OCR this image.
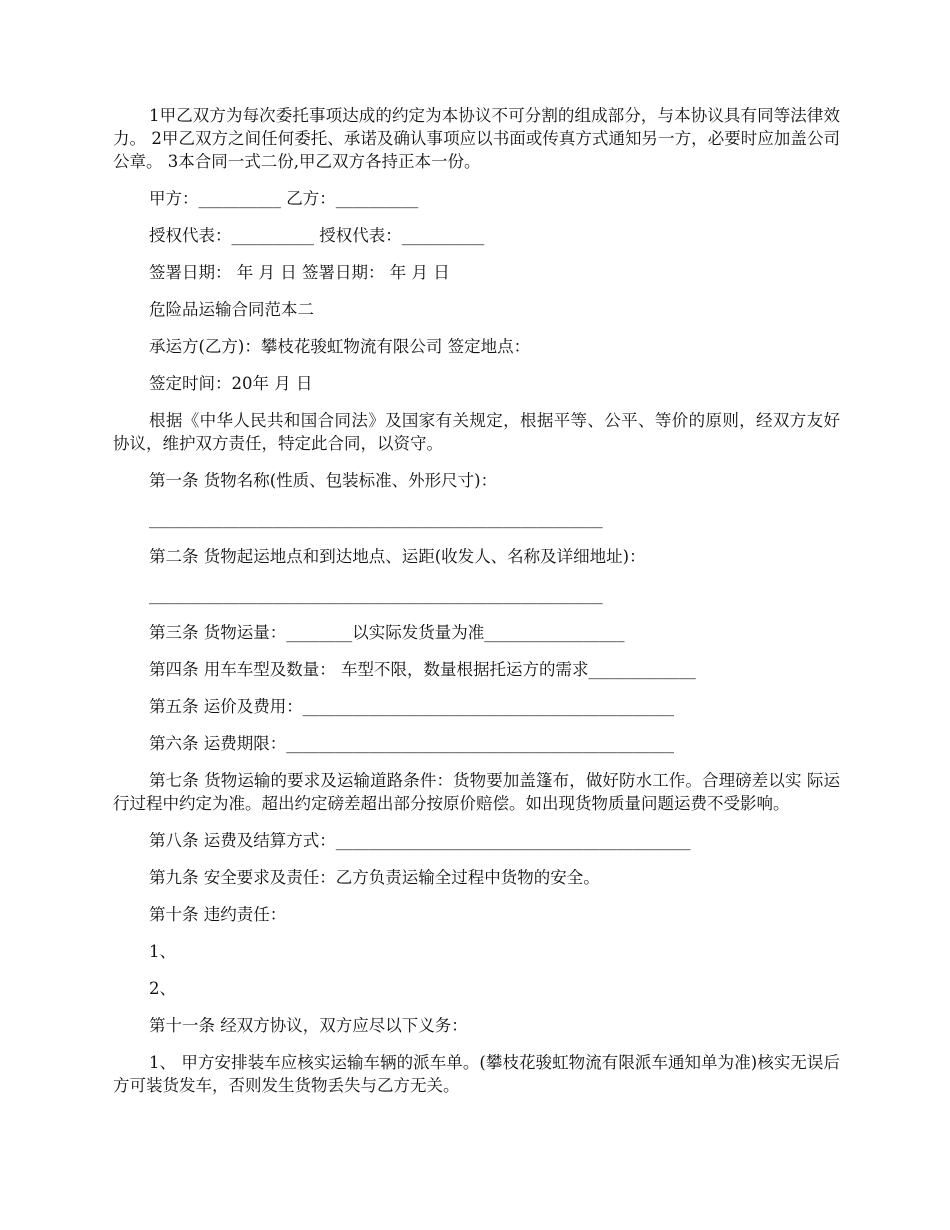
1甲乙双方为每次委托事项达成的约定为本协议不可分割的组成部分，与本协议具有同等法律效力。 2甲乙双方之间任何委托、承诺及确认事项应以书面或传真方式通知另一方，必要时应加盖公司公章。 3本合同一式二份,甲乙双方各持正本一份。

甲方：__________ 乙方：__________

授权代表：__________ 授权代表：__________

签署日期： 年 月 日 签署日期： 年 月 日

危险品运输合同范本二

承运方(乙方)：攀枝花骏虹物流有限公司 签定地点：

签定时间：20年 月 日

根据《中华人民共和国合同法》及国家有关规定，根据平等、公平、等价的原则，经双方友好协议，维护双方责任，特定此合同，以资守。

第一条 货物名称(性质、包装标准、外形尺寸)：

_______________________________________________________

第二条 货物起运地点和到达地点、运距(收发人、名称及详细地址)：

_______________________________________________________

第三条 货物运量：________以实际发货量为准_________________

第四条 用车车型及数量： 车型不限，数量根据托运方的需求_____________

第五条 运价及费用：_____________________________________________

第六条 运费期限：_______________________________________________

第七条 货物运输的要求及运输道路条件：货物要加盖篷布，做好防水工作。合理磅差以实 际运行过程中约定为准。超出约定磅差超出部分按原价赔偿。如出现货物质量问题运费不受影响。

第八条 运费及结算方式：___________________________________________

第九条 安全要求及责任：乙方负责运输全过程中货物的安全。

第十条 违约责任：

1、

2、

第十一条 经双方协议，双方应尽以下义务：

1、 甲方安排装车应核实运输车辆的派车单。(攀枝花骏虹物流有限派车通知单为准)核实无误后方可装货发车，否则发生货物丢失与乙方无关。
